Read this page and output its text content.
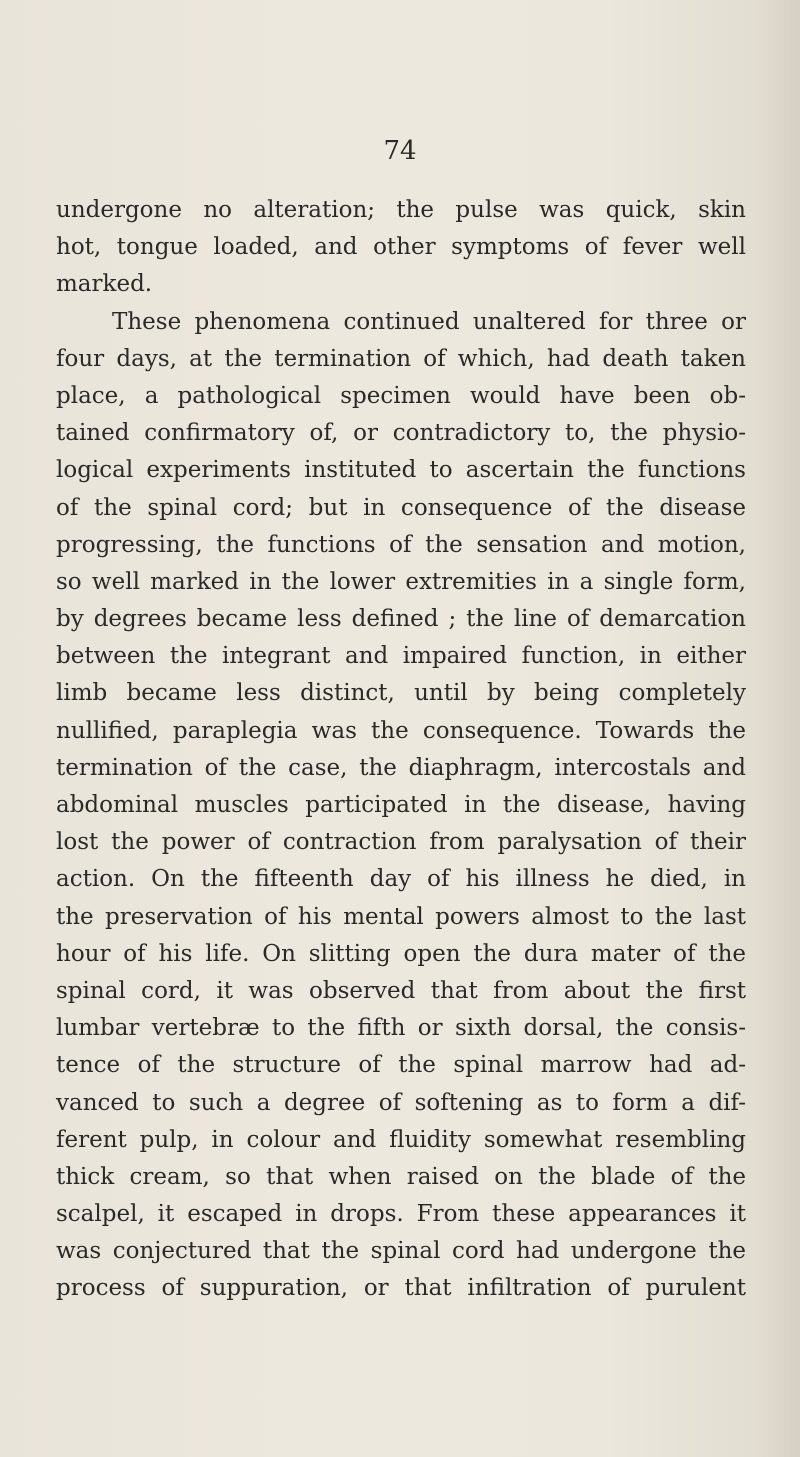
74
undergone no alteration; the pulse was quick, skin
hot, tongue loaded, and other symptoms of fever well
marked.
These phenomena continued unaltered for three or
four days, at the termination of which, had death taken
place, a pathological specimen would have been ob-
tained confirmatory of, or contradictory to, the physio-
logical experiments instituted to ascertain the functions
of the spinal cord; but in consequence of the disease
progressing, the functions of the sensation and motion,
so well marked in the lower extremities in a single form,
by degrees became less defined ; the line of demarcation
between the integrant and impaired function, in either
limb became less distinct, until by being completely
nullified, paraplegia was the consequence. Towards the
termination of the case, the diaphragm, intercostals and
abdominal muscles participated in the disease, having
lost the power of contraction from paralysation of their
action. On the fifteenth day of his illness he died, in
the preservation of his mental powers almost to the last
hour of his life. On slitting open the dura mater of the
spinal cord, it was observed that from about the first
lumbar vertebræ to the fifth or sixth dorsal, the consis-
tence of the structure of the spinal marrow had ad-
vanced to such a degree of softening as to form a dif-
ferent pulp, in colour and fluidity somewhat resembling
thick cream, so that when raised on the blade of the
scalpel, it escaped in drops. From these appearances it
was conjectured that the spinal cord had undergone the
process of suppuration, or that infiltration of purulent
